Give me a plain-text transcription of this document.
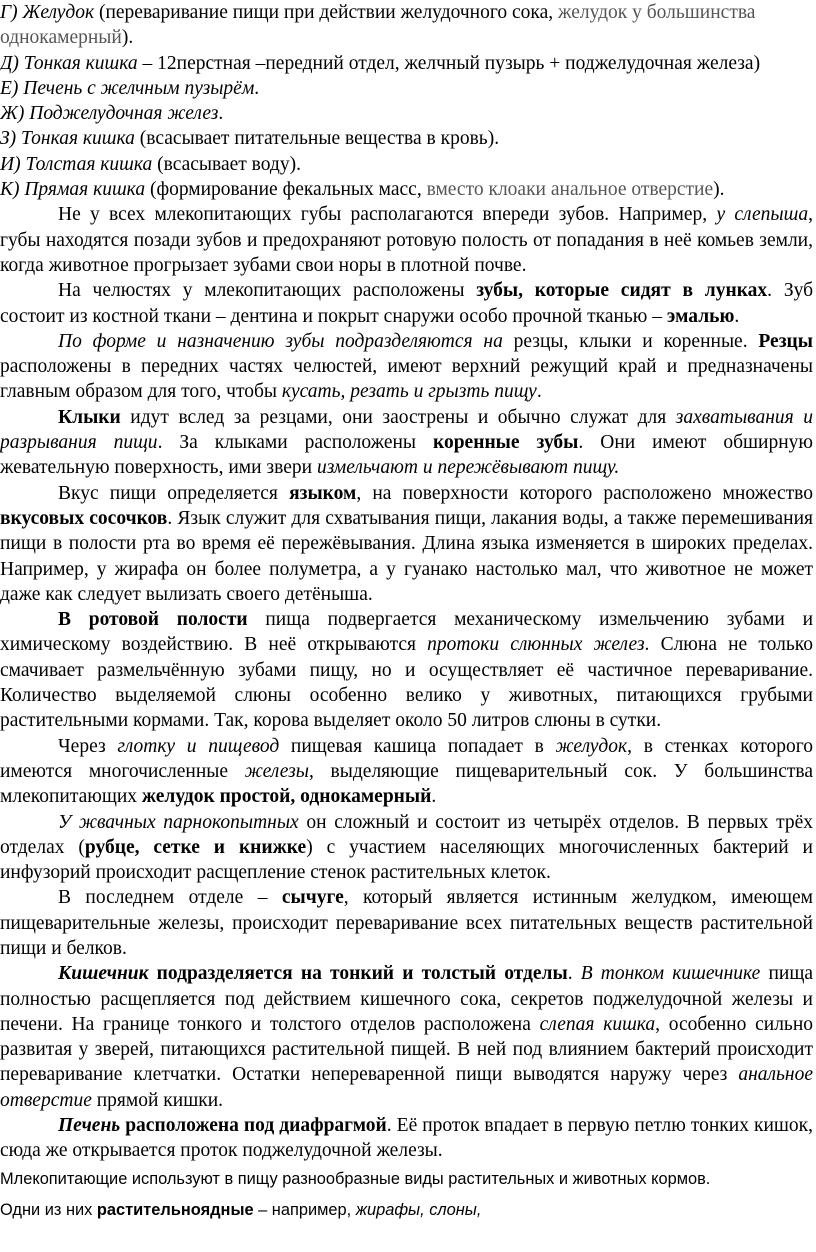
Г) Желудок (переваривание пищи при действии желудочного сока, желудок у большинства однокамерный).

Д) Тонкая кишка – 12перстная –передний отдел, желчный пузырь + поджелудочная железа)

Е) Печень с желчным пузырём.

Ж) Поджелудочная желез.

З) Тонкая кишка (всасывает питательные вещества в кровь).

И) Толстая кишка (всасывает воду).

К) Прямая кишка (формирование фекальных масс, вместо клоаки анальное отверстие).

Не у всех млекопитающих губы располагаются впереди зубов. Например, у слепыша, губы находятся позади зубов и предохраняют ротовую полость от попадания в неё комьев земли, когда животное прогрызает зубами свои норы в плотной почве.

На челюстях у млекопитающих расположены зубы, которые сидят в лунках. Зуб состоит из костной ткани – дентина и покрыт снаружи особо прочной тканью – эмалью.

По форме и назначению зубы подразделяются на резцы, клыки и коренные. Резцы расположены в передних частях челюстей, имеют верхний режущий край и предназначены главным образом для того, чтобы кусать, резать и грызть пищу.

Клыки идут вслед за резцами, они заострены и обычно служат для захватывания и разрывания пищи. За клыками расположены коренные зубы. Они имеют обширную жевательную поверхность, ими звери измельчают и пережёвывают пищу.

Вкус пищи определяется языком, на поверхности которого расположено множество вкусовых сосочков. Язык служит для схватывания пищи, лакания воды, а также перемешивания пищи в полости рта во время её пережёвывания. Длина языка изменяется в широких пределах. Например, у жирафа он более полуметра, а у гуанако настолько мал, что животное не может даже как следует вылизать своего детёныша.

В ротовой полости пища подвергается механическому измельчению зубами и химическому воздействию. В неё открываются протоки слюнных желез. Слюна не только смачивает размельчённую зубами пищу, но и осуществляет её частичное переваривание. Количество выделяемой слюны особенно велико у животных, питающихся грубыми растительными кормами. Так, корова выделяет около 50 литров слюны в сутки.

Через глотку и пищевод пищевая кашица попадает в желудок, в стенках которого имеются многочисленные железы, выделяющие пищеварительный сок. У большинства млекопитающих желудок простой, однокамерный.

У жвачных парнокопытных он сложный и состоит из четырёх отделов. В первых трёх отделах (рубце, сетке и книжке) с участием населяющих многочисленных бактерий и инфузорий происходит расщепление стенок растительных клеток.

В последнем отделе – сычуге, который является истинным желудком, имеющем пищеварительные железы, происходит переваривание всех питательных веществ растительной пищи и белков.

Кишечник подразделяется на тонкий и толстый отделы. В тонком кишечнике пища полностью расщепляется под действием кишечного сока, секретов поджелудочной железы и печени. На границе тонкого и толстого отделов расположена слепая кишка, особенно сильно развитая у зверей, питающихся растительной пищей. В ней под влиянием бактерий происходит переваривание клетчатки. Остатки непереваренной пищи выводятся наружу через анальное отверстие прямой кишки.

Печень расположена под диафрагмой. Её проток впадает в первую петлю тонких кишок, сюда же открывается проток поджелудочной железы.

Млекопитающие используют в пищу разнообразные виды растительных и животных кормов.

Одни из них растительноядные – например, жирафы, слоны,
